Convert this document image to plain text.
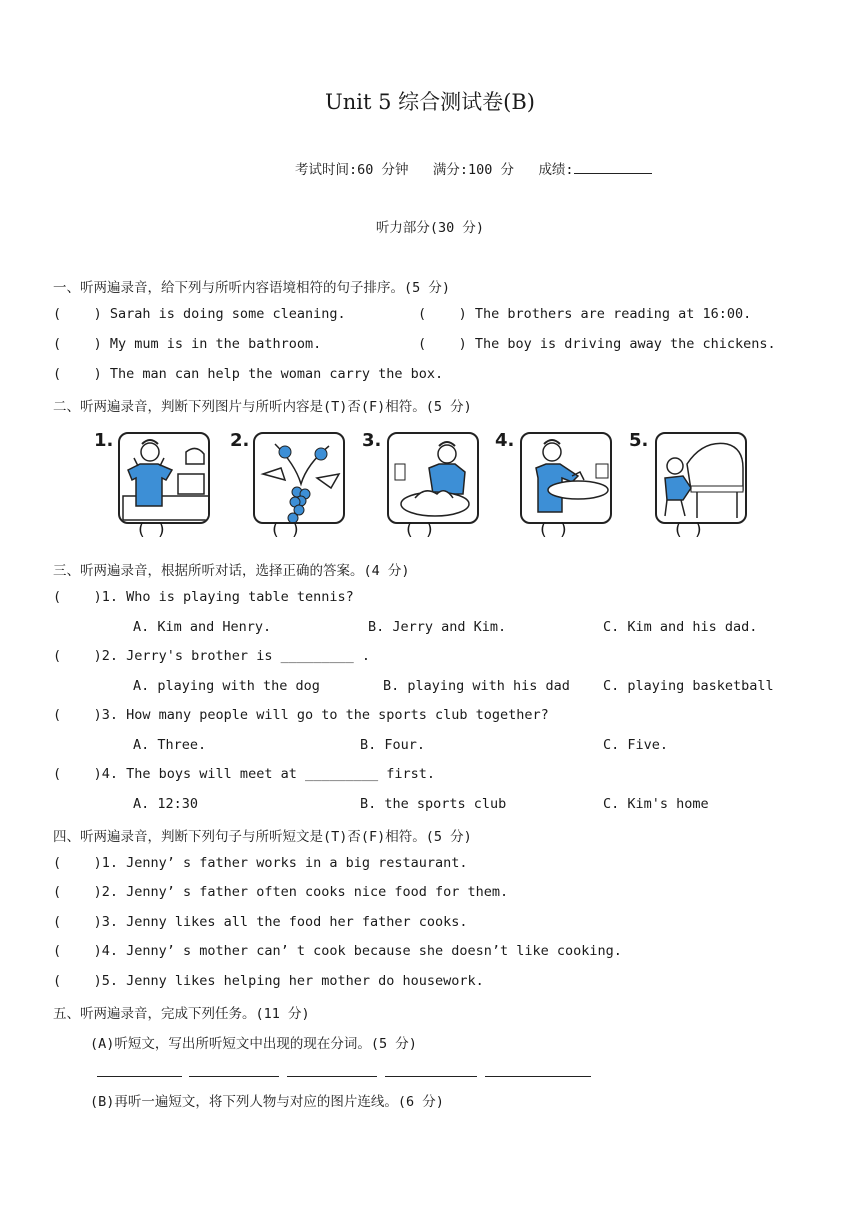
Unit 5 综合测试卷(B)
考试时间:60 分钟 满分:100 分 成绩:
听力部分(30 分)
一、听两遍录音，给下列与所听内容语境相符的句子排序。(5 分)
(    ) Sarah is doing some cleaning.	(    ) The brothers are reading at 16:00.
(    ) My mum is in the bathroom.	(    ) The boy is driving away the chickens.
(    ) The man can help the woman carry the box.
二、听两遍录音，判断下列图片与所听内容是(T)否(F)相符。(5 分)
1.
( )
2.
( )
3.
( )
4.
( )
5.
( )
三、听两遍录音，根据所听对话，选择正确的答案。(4 分)
(    )1. Who is playing table tennis?
A. Kim and Henry.	B. Jerry and Kim.	C. Kim and his dad.
(    )2. Jerry's brother is _________ .
A. playing with the dog	B. playing with his dad C. playing basketball
(    )3. How many people will go to the sports club together?
A. Three.	B. Four.	C. Five.
(    )4. The boys will meet at _________ first.
A. 12:30	B. the sports club	C. Kim's home
四、听两遍录音，判断下列句子与所听短文是(T)否(F)相符。(5 分)
(    )1. Jenny’ s father works in a big restaurant.
(    )2. Jenny’ s father often cooks nice food for them.
(    )3. Jenny likes all the food her father cooks.
(    )4. Jenny’ s mother can’ t cook because she doesn’t like cooking.
(    )5. Jenny likes helping her mother do housework.
五、听两遍录音，完成下列任务。(11 分)
(A)听短文，写出所听短文中出现的现在分词。(5 分)
(B)再听一遍短文，将下列人物与对应的图片连线。(6 分)
